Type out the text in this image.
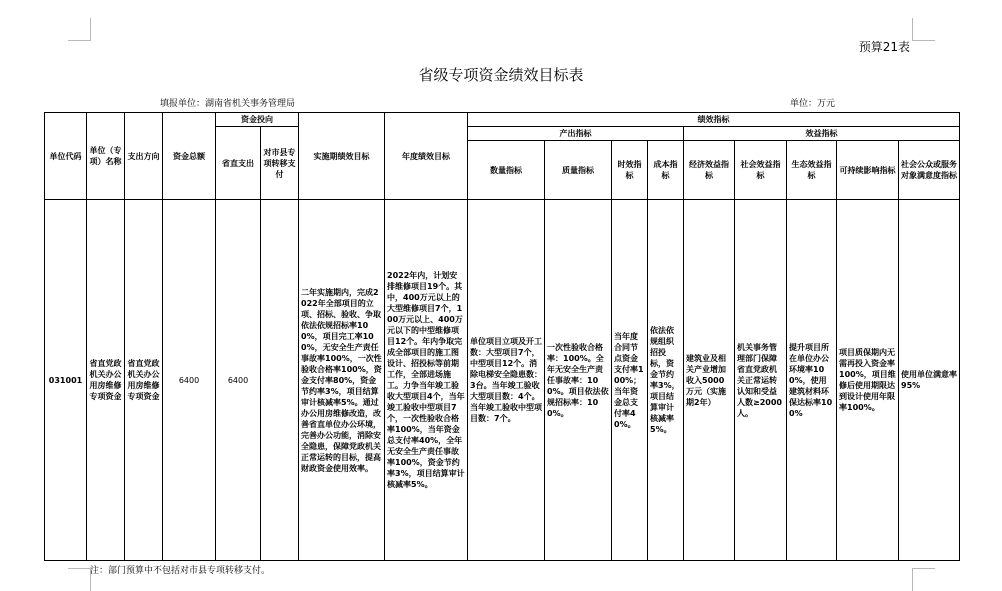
预算21表
省级专项资金绩效目标表
填报单位：湖南省机关事务管理局	单位：万元
单位代码	单位（专项）名称	支出方向	资金总额	资金投向		实施期绩效目标	年度绩效目标	绩效指标								
				省直支出	对市县专项转移支付			产出指标				效益指标				
								数量指标	质量指标	时效指标	成本指标	经济效益指标	社会效益指标	生态效益指标	可持续影响指标	社会公众或服务对象满意度指标
031001	省直党政机关办公用房维修专项资金	省直党政机关办公用房维修专项资金	6400	6400		二年实施期内，完成2022年全部项目的立项、招标、验收、争取依法依规招标率100%，项目完工率100%，无安全生产责任事故率100%，一次性验收合格率100%，资金支付率80%，资金节约率3%，项目结算审计核减率5%。通过办公用房维修改造，改善省直单位办公环境，完善办公功能，消除安全隐患，保障党政机关正常运转的目标，提高财政资金使用效率。	2022年内，计划安排维修项目19个。其中，400万元以上的大型维修项目7个，100万元以上、400万元以下的中型维修项目12个。年内争取完成全部项目的施工图设计、招投标等前期工作，全部进场施工。力争当年竣工验收大型项目4个，当年竣工验收中型项目7个，一次性验收合格率100%，当年资金总支付率40%，全年无安全生产责任事故率100%，资金节约率3%，项目结算审计核减率5%。	单位项目立项及开工数：大型项目7个，中型项目12个。消除电梯安全隐患数：3台。当年竣工验收大型项目数：4个。当年竣工验收中型项目数：7个。	一次性验收合格率：100%。全年无安全生产责任事故率：100%。项目依法依规招标率：100%。	当年度合同节点资金支付率100%；当年资金总支付率40%。	依法依规组织招投标，资金节约率3%，项目结算审计核减率5%。	建筑业及相关产业增加收入5000万元（实施期2年）	机关事务管理部门保障省直党政机关正常运转认知和受益人数≥2000人。	提升项目所在单位办公环境率100%，使用建筑材料环保达标率100%	项目质保期内无需再投入资金率100%，项目维修后使用期限达到设计使用年限率100%。	使用单位满意率95%
注：部门预算中不包括对市县专项转移支付。
